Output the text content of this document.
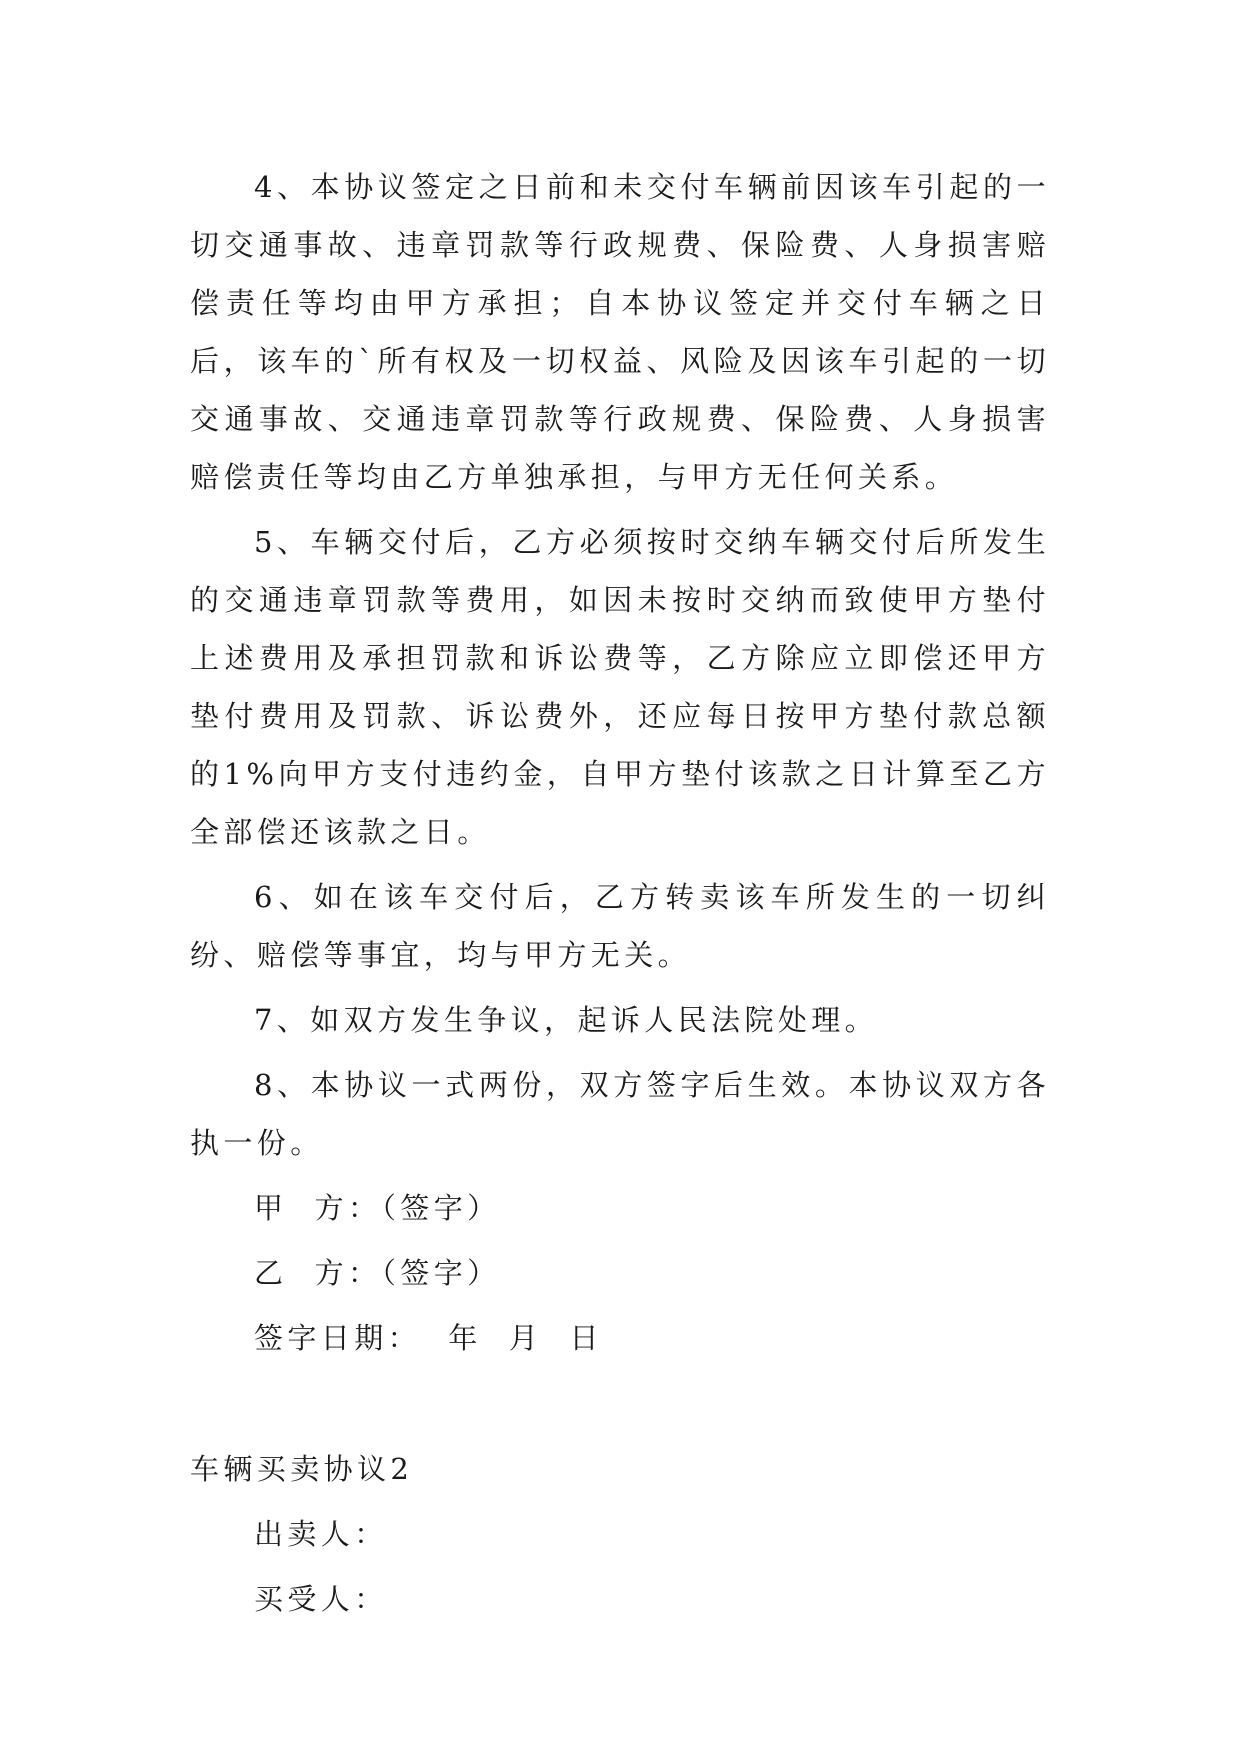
4、本协议签定之日前和未交付车辆前因该车引起的一切交通事故、违章罚款等行政规费、保险费、人身损害赔偿责任等均由甲方承担；自本协议签定并交付车辆之日后，该车的`所有权及一切权益、风险及因该车引起的一切交通事故、交通违章罚款等行政规费、保险费、人身损害赔偿责任等均由乙方单独承担，与甲方无任何关系。

5、车辆交付后，乙方必须按时交纳车辆交付后所发生的交通违章罚款等费用，如因未按时交纳而致使甲方垫付上述费用及承担罚款和诉讼费等，乙方除应立即偿还甲方垫付费用及罚款、诉讼费外，还应每日按甲方垫付款总额的1%向甲方支付违约金，自甲方垫付该款之日计算至乙方全部偿还该款之日。

6、如在该车交付后，乙方转卖该车所发生的一切纠纷、赔偿等事宜，均与甲方无关。

7、如双方发生争议，起诉人民法院处理。

8、本协议一式两份，双方签字后生效。本协议双方各执一份。

甲  方：（签字）

乙  方：（签字）

签字日期：  年  月  日

车辆买卖协议2

出卖人：

买受人：
